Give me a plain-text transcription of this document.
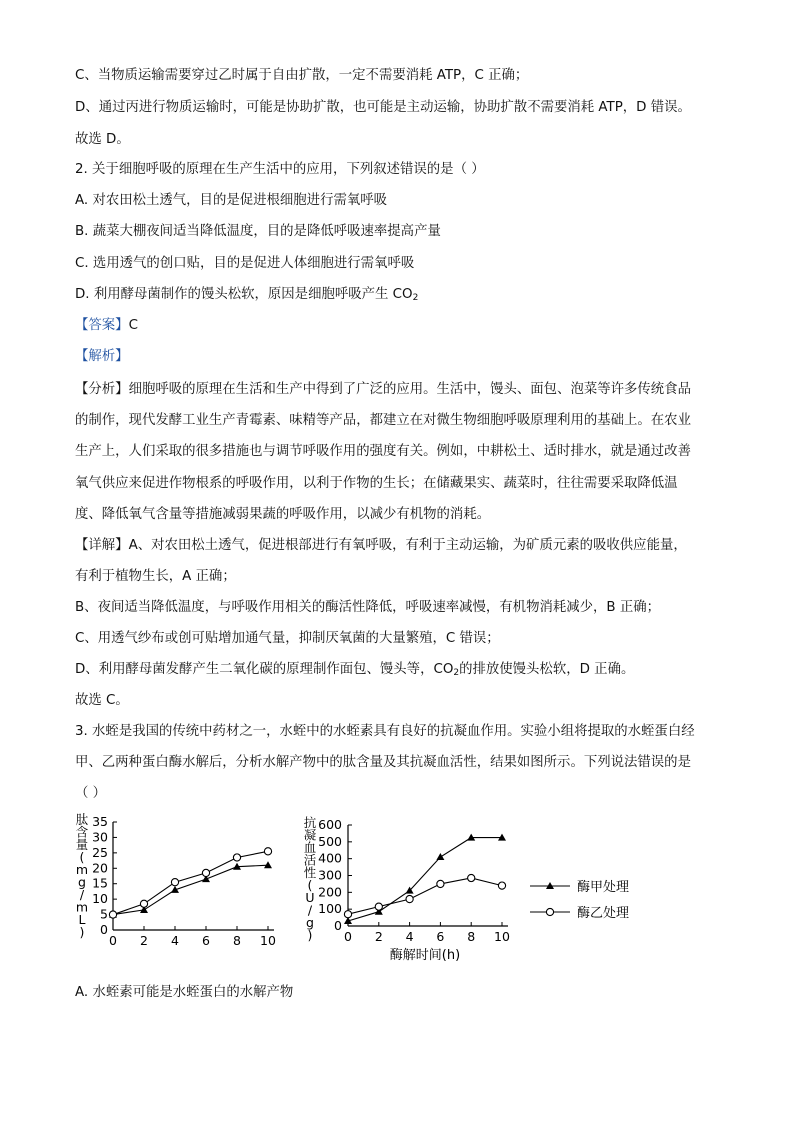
C、当物质运输需要穿过乙时属于自由扩散，一定不需要消耗 ATP，C 正确；
D、通过丙进行物质运输时，可能是协助扩散，也可能是主动运输，协助扩散不需要消耗 ATP，D 错误。
故选 D。
2. 关于细胞呼吸的原理在生产生活中的应用，下列叙述错误的是（ ）
A. 对农田松土透气，目的是促进根细胞进行需氧呼吸
B. 蔬菜大棚夜间适当降低温度，目的是降低呼吸速率提高产量
C. 选用透气的创口贴，目的是促进人体细胞进行需氧呼吸
D. 利用酵母菌制作的馒头松软，原因是细胞呼吸产生 $CO_2$
【答案】C
【解析】
【分析】细胞呼吸的原理在生活和生产中得到了广泛的应用。生活中，馒头、面包、泡菜等许多传统食品
的制作，现代发酵工业生产青霉素、味精等产品，都建立在对微生物细胞呼吸原理利用的基础上。在农业
生产上，人们采取的很多措施也与调节呼吸作用的强度有关。例如，中耕松土、适时排水，就是通过改善
氧气供应来促进作物根系的呼吸作用，以利于作物的生长；在储藏果实、蔬菜时，往往需要采取降低温
度、降低氧气含量等措施减弱果蔬的呼吸作用，以减少有机物的消耗。
【详解】A、对农田松土透气，促进根部进行有氧呼吸，有利于主动运输，为矿质元素的吸收供应能量，
有利于植物生长，A 正确；
B、夜间适当降低温度，与呼吸作用相关的酶活性降低，呼吸速率减慢，有机物消耗减少，B 正确；
C、用透气纱布或创可贴增加通气量，抑制厌氧菌的大量繁殖，C 错误；
D、利用酵母菌发酵产生二氧化碳的原理制作面包、馒头等，$CO_2$的排放使馒头松软，D 正确。
故选 C。
3. 水蛭是我国的传统中药材之一，水蛭中的水蛭素具有良好的抗凝血作用。实验小组将提取的水蛭蛋白经
甲、乙两种蛋白酶水解后，分析水解产物中的肽含量及其抗凝血活性，结果如图所示。下列说法错误的是
（ ）
0
5
10
15
20
25
30
35
0 2 4 6 8 10
肽含量( m g / m L )	0
100
200
300
400
500
600
0 2 4 6 8 10
抗凝血活性( U / g )
酶解时间(h)
酶甲处理
酶乙处理
A. 水蛭素可能是水蛭蛋白的水解产物
